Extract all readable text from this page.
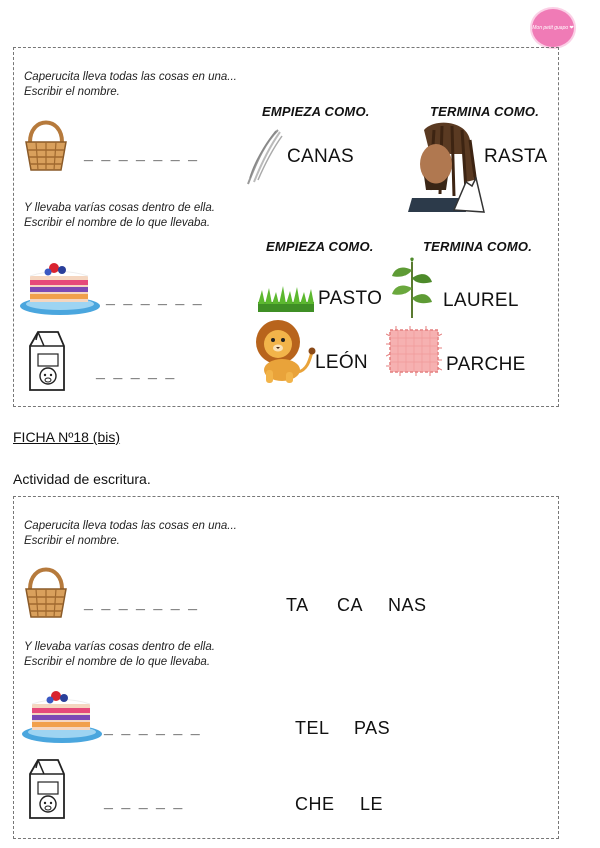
Mon petit guapo ❤
Caperucita lleva todas las cosas en una...
Escribir el nombre.
EMPIEZA COMO.	TERMINA COMO.
_ _ _ _ _ _ _	CANAS	RASTA
Y llevaba varías cosas dentro de ella.
Escribir el nombre de lo que llevaba.
EMPIEZA COMO.	TERMINA COMO.
_ _ _ _ _ _	PASTO	LAUREL
_ _ _ _ _	LEÓN	PARCHE
FICHA Nº18 (bis)
Actividad de escritura.
Caperucita lleva todas las cosas en una...
Escribir el nombre.
_ _ _ _ _ _ _	TA CA NAS
Y llevaba varías cosas dentro de ella.
Escribir el nombre de lo que llevaba.
_ _ _ _ _ _	TEL PAS
_ _ _ _ _	CHE LE
